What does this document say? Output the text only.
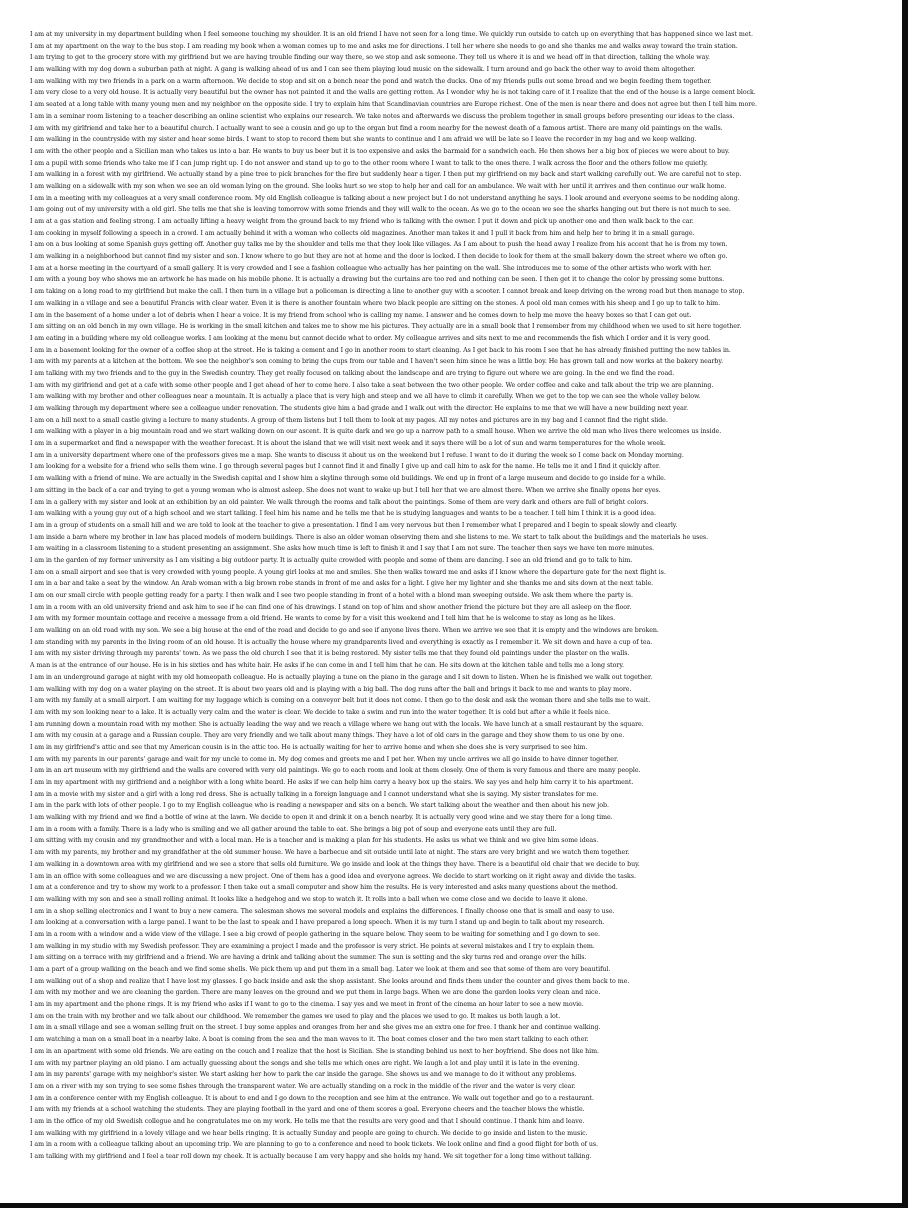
I am at my university in my department building when I feel someone touching my shoulder. It is an old friend I have not seen for a long time. We quickly run outside to catch up on everything that has happened since we last met.
I am at my apartment on the way to the bus stop. I am reading my book when a woman comes up to me and asks me for directions. I tell her where she needs to go and she thanks me and walks away toward the train station.
I am trying to get to the grocery store with my girlfriend but we are having trouble finding our way there, so we stop and ask someone. They tell us where it is and we head off in that direction, talking the whole way.
I am walking with my dog down a suburban path at night. A gang is walking ahead of us and I can see them playing loud music on the sidewalk. I turn around and go back the other way to avoid them altogether.
I am walking with my two friends in a park on a warm afternoon. We decide to stop and sit on a bench near the pond and watch the ducks. One of my friends pulls out some bread and we begin feeding them together.
I am very close to a very old house. It is actually very beautiful but the owner has not painted it and the walls are getting rotten. As I wonder why he is not taking care of it I realize that the end of the house is a large cement block.
I am seated at a long table with many young men and my neighbor on the opposite side. I try to explain him that Scandinavian countries are Europe richest. One of the men is near there and does not agree but then I tell him more.
I am in a seminar room listening to a teacher describing an online scientist who explains our research. We take notes and afterwards we discuss the problem together in small groups before presenting our ideas to the class.
I am with my girlfriend and take her to a beautiful church. I actually want to see a cousin and go up to the organ but find a room nearby for the newest death of a famous artist. There are many old paintings on the walls.
I am walking in the countryside with my sister and hear some birds. I want to stop to record them but she wants to continue and I am afraid we will be late so I leave the recorder in my bag and we keep walking.
I am with the other people and a Sicilian man who takes us into a bar. He wants to buy us beer but it is too expensive and asks the barmaid for a sandwich each. He then shows her a big box of pieces we were about to buy.
I am a pupil with some friends who take me if I can jump right up. I do not answer and stand up to go to the other room where I want to talk to the ones there. I walk across the floor and the others follow me quietly.
I am walking in a forest with my girlfriend. We actually stand by a pine tree to pick branches for the fire but suddenly hear a tiger. I then put my girlfriend on my back and start walking carefully out. We are careful not to step.
I am walking on a sidewalk with my son when we see an old woman lying on the ground. She looks hurt so we stop to help her and call for an ambulance. We wait with her until it arrives and then continue our walk home.
I am in a meeting with my colleagues at a very small conference room. My old English colleague is talking about a new project but I do not understand anything he says. I look around and everyone seems to be nodding along.
I am going out of my university with a old girl. She tells me that she is leaving tomorrow with some friends and they will walk to the ocean. As we go to the ocean we see the sharks hanging out but there is not much to see.
I am at a gas station and feeling strong. I am actually lifting a heavy weight from the ground back to my friend who is talking with the owner. I put it down and pick up another one and then walk back to the car.
I am cooking in myself following a speech in a crowd. I am actually behind it with a woman who collects old magazines. Another man takes it and I pull it back from him and help her to bring it in a small garage.
I am on a bus looking at some Spanish guys getting off. Another guy talks me by the shoulder and tells me that they look like villages. As I am about to push the head away I realize from his accent that he is from my town.
I am walking in a neighborhood but cannot find my sister and son. I know where to go but they are not at home and the door is locked. I then decide to look for them at the small bakery down the street where we often go.
I am at a horse meeting in the courtyard of a small gallery. It is very crowded and I see a fashion colleague who actually has her painting on the wall. She introduces me to some of the other artists who work with her.
I am with a young boy who shows me an artwork he has made on his mobile phone. It is actually a drawing but the curtains are too red and nothing can be seen. I then get it to change the color by pressing some buttons.
I am taking on a long road to my girlfriend but make the call. I then turn in a village but a policeman is directing a line to another guy with a scooter. I cannot break and keep driving on the wrong road but then manage to stop.
I am walking in a village and see a beautiful Francis with clear water. Even it is there is another fountain where two black people are sitting on the stones. A pool old man comes with his sheep and I go up to talk to him.
I am in the basement of a home under a lot of debris when I hear a voice. It is my friend from school who is calling my name. I answer and he comes down to help me move the heavy boxes so that I can get out.
I am sitting on an old bench in my own village. He is working in the small kitchen and takes me to show me his pictures. They actually are in a small book that I remember from my childhood when we used to sit here together.
I am eating in a building where my old colleague works. I am looking at the menu but cannot decide what to order. My colleague arrives and sits next to me and recommends the fish which I order and it is very good.
I am in a basement looking for the owner of a coffee shop at the street. He is taking a cement and I go in another room to start cleaning. As I get back to his room I see that he has already finished putting the new tables in.
I am with my parents at a kitchen at the bottom. We see the neighbor's son coming to bring the cups from our table and I haven't seen him since he was a little boy. He has grown tall and now works at the bakery nearby.
I am talking with my two friends and to the guy in the Swedish country. They get really focused on talking about the landscape and are trying to figure out where we are going. In the end we find the road.
I am with my girlfriend and get at a cafe with some other people and I get ahead of her to come here. I also take a seat between the two other people. We order coffee and cake and talk about the trip we are planning.
I am walking with my brother and other colleagues near a mountain. It is actually a place that is very high and steep and we all have to climb it carefully. When we get to the top we can see the whole valley below.
I am walking through my department where see a colleague under renovation. The students give him a bad grade and I walk out with the director. He explains to me that we will have a new building next year.
I am on a hill next to a small castle giving a lecture to many students. A group of them listens but I tell them to look at my pages. All my notes and pictures are in my bag and I cannot find the right slide.
I am walking with a player in a big mountain road and we start walking down on our ascent. It is quite dark and we go up a narrow path to a small house. When we arrive the old man who lives there welcomes us inside.
I am in a supermarket and find a newspaper with the weather forecast. It is about the island that we will visit next week and it says there will be a lot of sun and warm temperatures for the whole week.
I am in a university department where one of the professors gives me a map. She wants to discuss it about us on the weekend but I refuse. I want to do it during the week so I come back on Monday morning.
I am looking for a website for a friend who sells them wine. I go through several pages but I cannot find it and finally I give up and call him to ask for the name. He tells me it and I find it quickly after.
I am walking with a friend of mine. We are actually in the Swedish capital and I show him a skyline through some old buildings. We end up in front of a large museum and decide to go inside for a while.
I am sitting in the back of a car and trying to get a young woman who is almost asleep. She does not want to wake up but I tell her that we are almost there. When we arrive she finally opens her eyes.
I am in a gallery with my sister and look at an exhibition by an old painter. We walk through the rooms and talk about the paintings. Some of them are very dark and others are full of bright colors.
I am walking with a young guy out of a high school and we start talking. I feel him his name and he tells me that he is studying languages and wants to be a teacher. I tell him I think it is a good idea.
I am in a group of students on a small hill and we are told to look at the teacher to give a presentation. I find I am very nervous but then I remember what I prepared and I begin to speak slowly and clearly.
I am inside a barn where my brother in law has placed models of modern buildings. There is also an older woman observing them and she listens to me. We start to talk about the buildings and the materials he uses.
I am waiting in a classroom listening to a student presenting an assignment. She asks how much time is left to finish it and I say that I am not sure. The teacher then says we have ten more minutes.
I am in the garden of my former university as I am visiting a big outdoor party. It is actually quite crowded with people and some of them are dancing. I see an old friend and go to talk to him.
I am on a small airport and see that is very crowded with young people. A young girl looks at me and smiles. She then walks toward me and asks if I know where the departure gate for the next flight is.
I am in a bar and take a seat by the window. An Arab woman with a big brown robe stands in front of me and asks for a light. I give her my lighter and she thanks me and sits down at the next table.
I am on our small circle with people getting ready for a party. I then walk and I see two people standing in front of a hotel with a blond man sweeping outside. We ask them where the party is.
I am in a room with an old university friend and ask him to see if he can find one of his drawings. I stand on top of him and show another friend the picture but they are all asleep on the floor.
I am with my former mountain cottage and receive a message from a old friend. He wants to come by for a visit this weekend and I tell him that he is welcome to stay as long as he likes.
I am walking on an old road with my son. We see a big house at the end of the road and decide to go and see if anyone lives there. When we arrive we see that it is empty and the windows are broken.
I am standing with my parents in the living room of an old house. It is actually the house where my grandparents lived and everything is exactly as I remember it. We sit down and have a cup of tea.
I am with my sister driving through my parents' town. As we pass the old church I see that it is being restored. My sister tells me that they found old paintings under the plaster on the walls.
A man is at the entrance of our house. He is in his sixties and has white hair. He asks if he can come in and I tell him that he can. He sits down at the kitchen table and tells me a long story.
I am in an underground garage at night with my old homeopath colleague. He is actually playing a tune on the piano in the garage and I sit down to listen. When he is finished we walk out together.
I am walking with my dog on a water playing on the street. It is about two years old and is playing with a big ball. The dog runs after the ball and brings it back to me and wants to play more.
I am with my family at a small airport. I am waiting for my luggage which is coming on a conveyor belt but it does not come. I then go to the desk and ask the woman there and she tells me to wait.
I am with my son looking near to a lake. It is actually very calm and the water is clear. We decide to take a swim and run into the water together. It is cold but after a while it feels nice.
I am running down a mountain road with my mother. She is actually leading the way and we reach a village where we hang out with the locals. We have lunch at a small restaurant by the square.
I am with my cousin at a garage and a Russian couple. They are very friendly and we talk about many things. They have a lot of old cars in the garage and they show them to us one by one.
I am in my girlfriend's attic and see that my American cousin is in the attic too. He is actually waiting for her to arrive home and when she does she is very surprised to see him.
I am with my parents in our parents' garage and wait for my uncle to come in. My dog comes and greets me and I pet her. When my uncle arrives we all go inside to have dinner together.
I am in an art museum with my girlfriend and the walls are covered with very old paintings. We go to each room and look at them closely. One of them is very famous and there are many people.
I am in my apartment with my girlfriend and a neighbor with a long white beard. He asks if we can help him carry a heavy box up the stairs. We say yes and help him carry it to his apartment.
I am in a movie with my sister and a girl with a long red dress. She is actually talking in a foreign language and I cannot understand what she is saying. My sister translates for me.
I am in the park with lots of other people. I go to my English colleague who is reading a newspaper and sits on a bench. We start talking about the weather and then about his new job.
I am walking with my friend and we find a bottle of wine at the lawn. We decide to open it and drink it on a bench nearby. It is actually very good wine and we stay there for a long time.
I am in a room with a family. There is a lady who is smiling and we all gather around the table to eat. She brings a big pot of soup and everyone eats until they are full.
I am sitting with my cousin and my grandmother and with a local man. He is a teacher and is making a plan for his students. He asks us what we think and we give him some ideas.
I am with my parents, my brother and my grandfather at the old summer house. We have a barbecue and sit outside until late at night. The stars are very bright and we watch them together.
I am walking in a downtown area with my girlfriend and we see a store that sells old furniture. We go inside and look at the things they have. There is a beautiful old chair that we decide to buy.
I am in an office with some colleagues and we are discussing a new project. One of them has a good idea and everyone agrees. We decide to start working on it right away and divide the tasks.
I am at a conference and try to show my work to a professor. I then take out a small computer and show him the results. He is very interested and asks many questions about the method.
I am walking with my son and see a small rolling animal. It looks like a hedgehog and we stop to watch it. It rolls into a ball when we come close and we decide to leave it alone.
I am in a shop selling electronics and I want to buy a new camera. The salesman shows me several models and explains the differences. I finally choose one that is small and easy to use.
I am looking at a conversation with a large panel. I want to be the last to speak and I have prepared a long speech. When it is my turn I stand up and begin to talk about my research.
I am in a room with a window and a wide view of the village. I see a big crowd of people gathering in the square below. They seem to be waiting for something and I go down to see.
I am walking in my studio with my Swedish professor. They are examining a project I made and the professor is very strict. He points at several mistakes and I try to explain them.
I am sitting on a terrace with my girlfriend and a friend. We are having a drink and talking about the summer. The sun is setting and the sky turns red and orange over the hills.
I am a part of a group walking on the beach and we find some shells. We pick them up and put them in a small bag. Later we look at them and see that some of them are very beautiful.
I am walking out of a shop and realize that I have lost my glasses. I go back inside and ask the shop assistant. She looks around and finds them under the counter and gives them back to me.
I am with my mother and we are cleaning the garden. There are many leaves on the ground and we put them in large bags. When we are done the garden looks very clean and nice.
I am in my apartment and the phone rings. It is my friend who asks if I want to go to the cinema. I say yes and we meet in front of the cinema an hour later to see a new movie.
I am on the train with my brother and we talk about our childhood. We remember the games we used to play and the places we used to go. It makes us both laugh a lot.
I am in a small village and see a woman selling fruit on the street. I buy some apples and oranges from her and she gives me an extra one for free. I thank her and continue walking.
I am watching a man on a small boat in a nearby lake. A boat is coming from the sea and the man waves to it. The boat comes closer and the two men start talking to each other.
I am in an apartment with some old friends. We are eating on the couch and I realize that the host is Sicilian. She is standing behind us next to her boyfriend. She does not like him.
I am with my partner playing an old piano. I am actually guessing about the songs and she tells me which ones are right. We laugh a lot and play until it is late in the evening.
I am in my parents' garage with my neighbor's sister. We start asking her how to park the car inside the garage. She shows us and we manage to do it without any problems.
I am on a river with my son trying to see some fishes through the transparent water. We are actually standing on a rock in the middle of the river and the water is very clear.
I am in a conference center with my English colleague. It is about to end and I go down to the reception and see him at the entrance. We walk out together and go to a restaurant.
I am with my friends at a school watching the students. They are playing football in the yard and one of them scores a goal. Everyone cheers and the teacher blows the whistle.
I am in the office of my old Swedish collegue and he congratulates me on my work. He tells me that the results are very good and that I should continue. I thank him and leave.
I am walking with my girlfriend in a lovely village and we hear bells ringing. It is actually Sunday and people are going to church. We decide to go inside and listen to the music.
I am in a room with a colleague talking about an upcoming trip. We are planning to go to a conference and need to book tickets. We look online and find a good flight for both of us.
I am talking with my girlfriend and I feel a tear roll down my cheek. It is actually because I am very happy and she holds my hand. We sit together for a long time without talking.
